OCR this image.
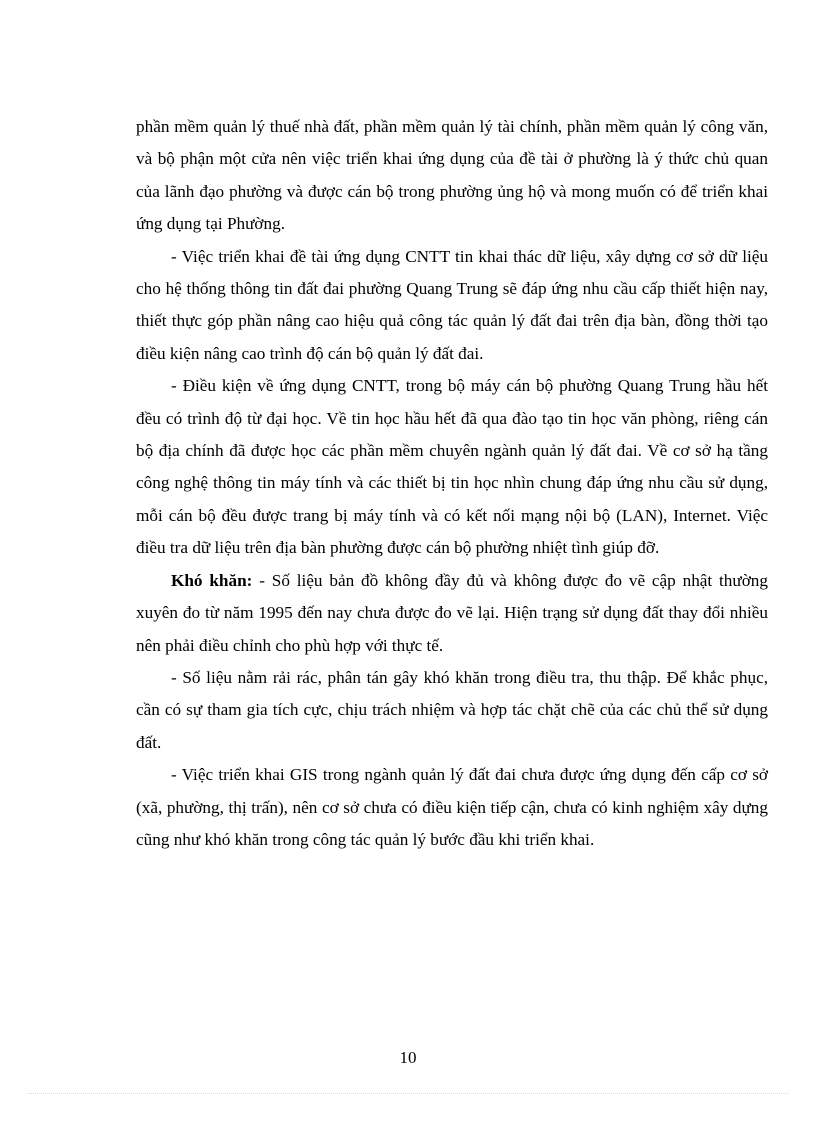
phần mềm quản lý thuế nhà đất, phần mềm quản lý tài chính, phần mềm quản lý công văn, và bộ phận một cửa nên việc triển khai ứng dụng của đề tài ở phường là ý thức chủ quan của lãnh đạo phường và được cán bộ trong phường ủng hộ và mong muốn có để triển khai ứng dụng tại Phường.

- Việc triển khai đề tài ứng dụng CNTT tin khai thác dữ liệu, xây dựng cơ sở dữ liệu cho hệ thống thông tin đất đai phường Quang Trung sẽ đáp ứng nhu cầu cấp thiết hiện nay, thiết thực góp phần nâng cao hiệu quả công tác quản lý đất đai trên địa bàn, đồng thời tạo điều kiện nâng cao trình độ cán bộ quản lý đất đai.

- Điều kiện về ứng dụng CNTT, trong bộ máy cán bộ phường Quang Trung hầu hết đều có trình độ từ đại học. Về tin học hầu hết đã qua đào tạo tin học văn phòng, riêng cán bộ địa chính đã được học các phần mềm chuyên ngành quản lý đất đai. Về cơ sở hạ tầng công nghệ thông tin máy tính và các thiết bị tin học nhìn chung đáp ứng nhu cầu sử dụng, mỗi cán bộ đều được trang bị máy tính và có kết nối mạng nội bộ (LAN), Internet. Việc điều tra dữ liệu trên địa bàn phường được cán bộ phường nhiệt tình giúp đỡ.

Khó khăn: - Số liệu bản đồ không đầy đủ và không được đo vẽ cập nhật thường xuyên đo từ năm 1995 đến nay chưa được đo vẽ lại. Hiện trạng sử dụng đất thay đổi nhiều nên phải điều chỉnh cho phù hợp với thực tế.

- Số liệu nằm rải rác, phân tán gây khó khăn trong điều tra, thu thập. Để khắc phục, cần có sự tham gia tích cực, chịu trách nhiệm và hợp tác chặt chẽ của các chủ thể sử dụng đất.

- Việc triển khai GIS trong ngành quản lý đất đai chưa được ứng dụng đến cấp cơ sở (xã, phường, thị trấn), nên cơ sở chưa có điều kiện tiếp cận, chưa có kinh nghiệm xây dựng cũng như khó khăn trong công tác quản lý bước đầu khi triển khai.

10
